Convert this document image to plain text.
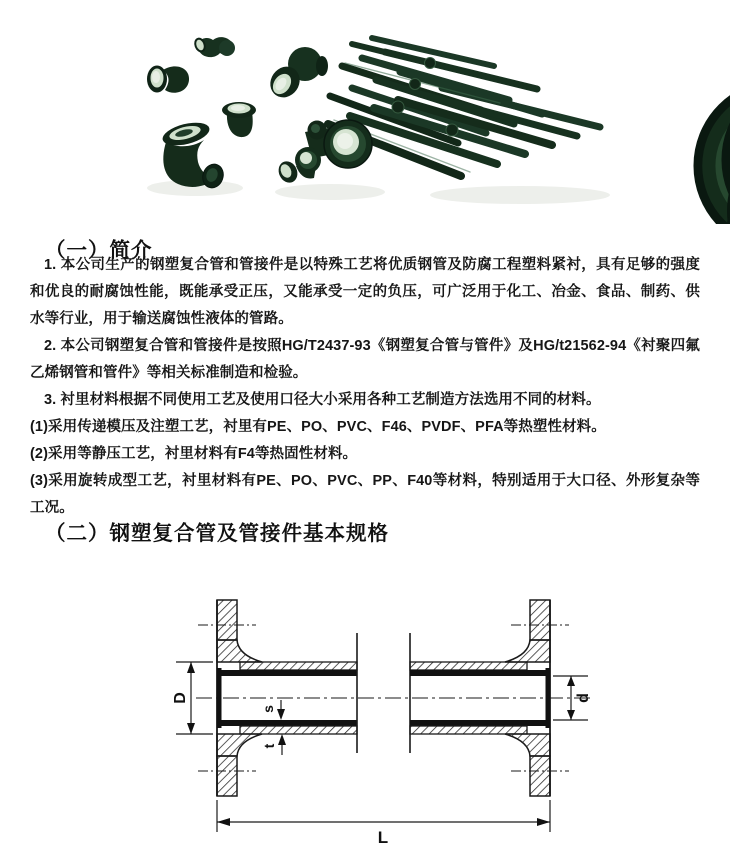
（一）简介

1. 本公司生产的钢塑复合管和管接件是以特殊工艺将优质钢管及防腐工程塑料紧衬，具有足够的强度和优良的耐腐蚀性能，既能承受正压，又能承受一定的负压，可广泛用于化工、冶金、食品、制药、供水等行业，用于输送腐蚀性液体的管路。

2. 本公司钢塑复合管和管接件是按照HG/T2437-93《钢塑复合管与管件》及HG/t21562-94《衬聚四氟乙烯钢管和管件》等相关标准制造和检验。

3. 衬里材料根据不同使用工艺及使用口径大小采用各种工艺制造方法选用不同的材料。

(1)采用传递模压及注塑工艺，衬里有PE、PO、PVC、F46、PVDF、PFA等热塑性材料。

(2)采用等静压工艺，衬里材料有F4等热固性材料。

(3)采用旋转成型工艺，衬里材料有PE、PO、PVC、PP、F40等材料，特别适用于大口径、外形复杂等工况。

（二）钢塑复合管及管接件基本规格
D
s
t
d
L
